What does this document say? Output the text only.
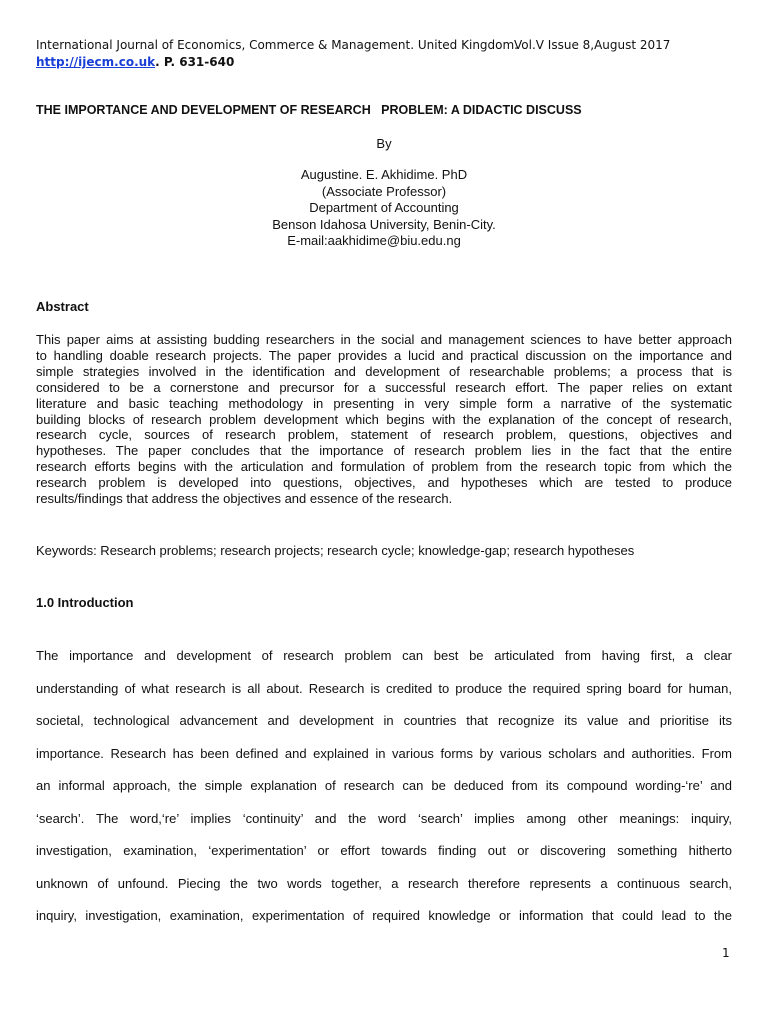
International Journal of Economics, Commerce & Management. United Kingdom.
Vol.V Issue 8,August 2017
http://ijecm.co.uk. P. 631-640
THE IMPORTANCE AND DEVELOPMENT OF RESEARCH   PROBLEM: A DIDACTIC DISCUSS
By
Augustine. E. Akhidime. PhD
(Associate Professor)
Department of Accounting
Benson Idahosa University, Benin-City.
E-mail:aakhidime@biu.edu.ng
Abstract
This paper aims at assisting budding researchers in the social and management sciences to have better approach
to handling doable research projects. The paper provides a lucid and practical discussion on the importance and
simple strategies involved in the identification and development of researchable problems; a process that is
considered to be a cornerstone and precursor for a successful research effort. The paper relies on extant
literature and basic teaching methodology in presenting in very simple form a narrative of the systematic
building blocks of research problem development which begins with the explanation of the concept of research,
research cycle, sources of research problem, statement of research problem, questions, objectives and
hypotheses. The paper concludes that the importance of research problem lies in the fact that the entire
research efforts begins with the articulation and formulation of problem from the research topic from which the
research problem is developed into questions, objectives, and hypotheses which are tested to produce
results/findings that address the objectives and essence of the research.
Keywords: Research problems; research projects; research cycle; knowledge-gap; research hypotheses
1.0 Introduction
The importance and development of research problem can best be articulated from having first, a clear
understanding of what research is all about. Research is credited to produce the required spring board for human,
societal, technological advancement and development in countries that recognize its value and prioritise its
importance. Research has been defined and explained in various forms by various scholars and authorities. From
an informal approach, the simple explanation of research can be deduced from its compound wording-‘re’ and
‘search’. The word,‘re’ implies ‘continuity’ and the word ‘search’ implies among other meanings: inquiry,
investigation, examination, ‘experimentation’ or effort towards finding out or discovering something hitherto
unknown of unfound. Piecing the two words together, a research therefore represents a continuous search,
inquiry, investigation, examination, experimentation of required knowledge or information that could lead to the
1
